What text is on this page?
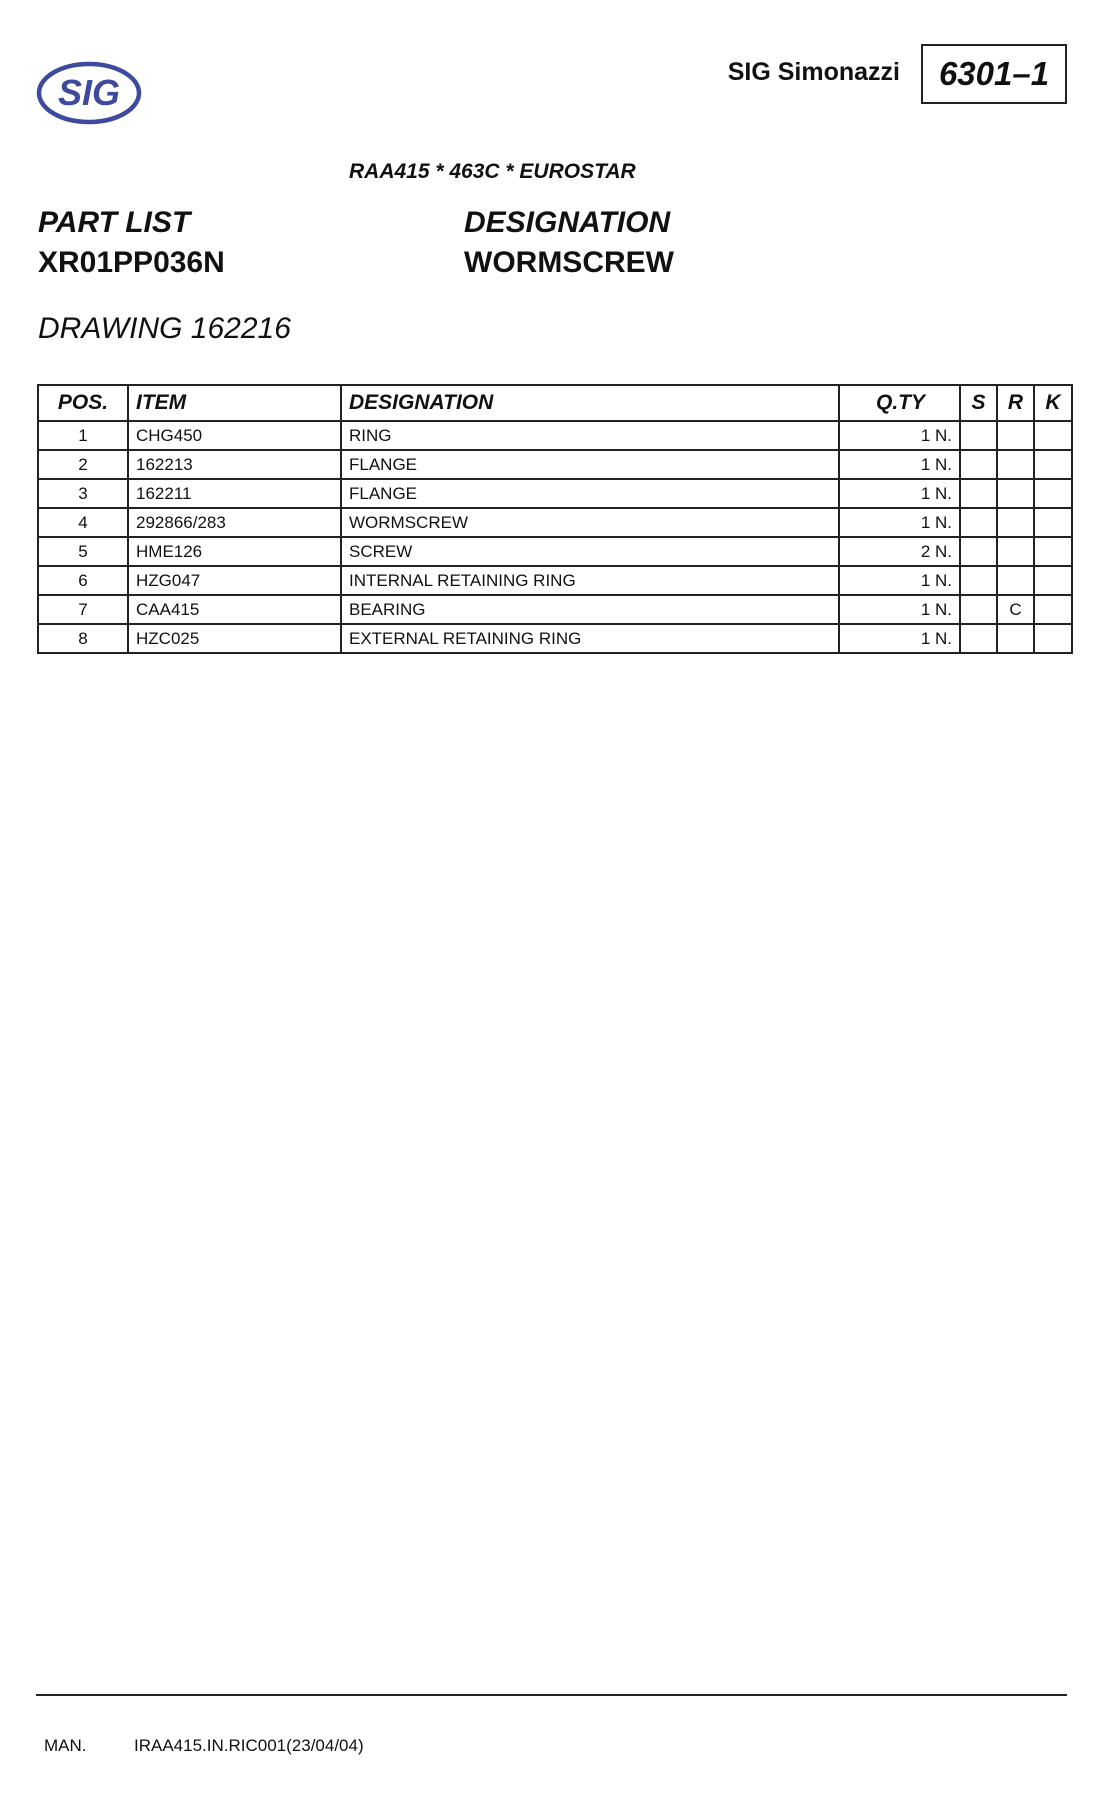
SIG	SIG Simonazzi	6301–1
RAA415 * 463C * EUROSTAR
PART LIST
XR01PP036N
DESIGNATION
WORMSCREW
DRAWING 162216
POS.	ITEM	DESIGNATION	Q.TY	S	R	K
1	CHG450	RING	1 N.			
2	162213	FLANGE	1 N.			
3	162211	FLANGE	1 N.			
4	292866/283	WORMSCREW	1 N.			
5	HME126	SCREW	2 N.			
6	HZG047	INTERNAL RETAINING RING	1 N.			
7	CAA415	BEARING	1 N.		C	
8	HZC025	EXTERNAL RETAINING RING	1 N.			
MAN.	IRAA415.IN.RIC001(23/04/04)
